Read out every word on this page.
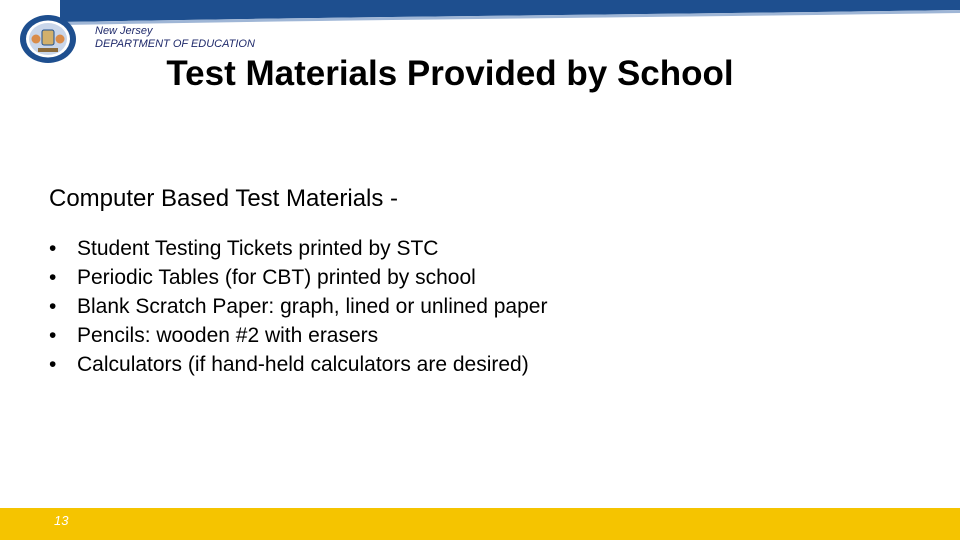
New Jersey
DEPARTMENT OF EDUCATION
Test Materials Provided by School
Computer Based Test Materials -
• Student Testing Tickets printed by STC
• Periodic Tables (for CBT) printed by school
• Blank Scratch Paper: graph, lined or unlined paper
• Pencils: wooden #2 with erasers
• Calculators (if hand-held calculators are desired)
13
